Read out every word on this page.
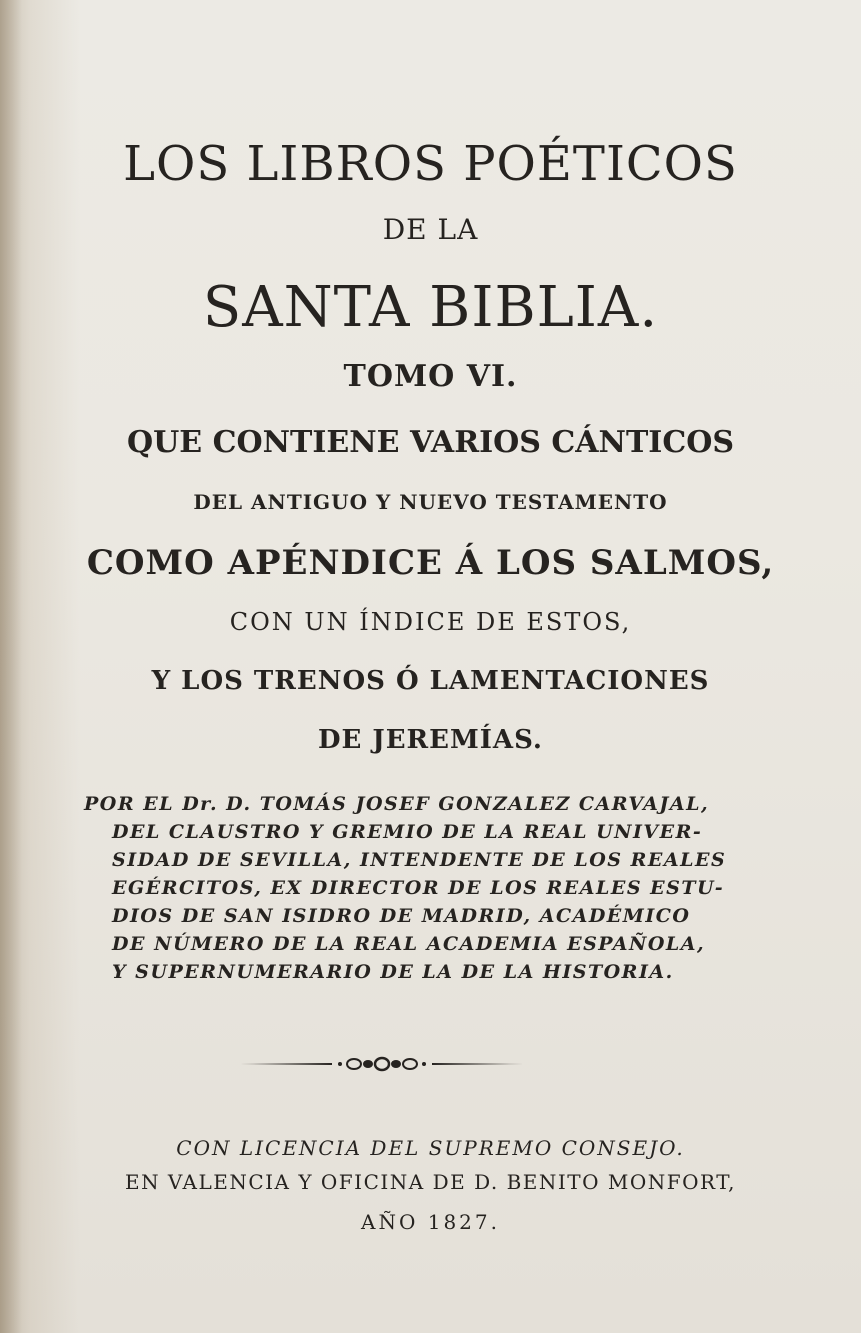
LOS LIBROS POÉTICOS
DE LA
SANTA BIBLIA.
TOMO VI.
QUE CONTIENE VARIOS CÁNTICOS
DEL ANTIGUO Y NUEVO TESTAMENTO
COMO APÉNDICE Á LOS SALMOS,
CON UN ÍNDICE DE ESTOS,
Y LOS TRENOS Ó LAMENTACIONES
DE JEREMÍAS.
POR EL Dr. D. TOMÁS JOSEF GONZALEZ CARVAJAL,
DEL CLAUSTRO Y GREMIO DE LA REAL UNIVER-
SIDAD DE SEVILLA, INTENDENTE DE LOS REALES
EGÉRCITOS, EX DIRECTOR DE LOS REALES ESTU-
DIOS DE SAN ISIDRO DE MADRID, ACADÉMICO
DE NÚMERO DE LA REAL ACADEMIA ESPAÑOLA,
Y SUPERNUMERARIO DE LA DE LA HISTORIA.
CON LICENCIA DEL SUPREMO CONSEJO.
EN VALENCIA Y OFICINA DE D. BENITO MONFORT,
AÑO 1827.
